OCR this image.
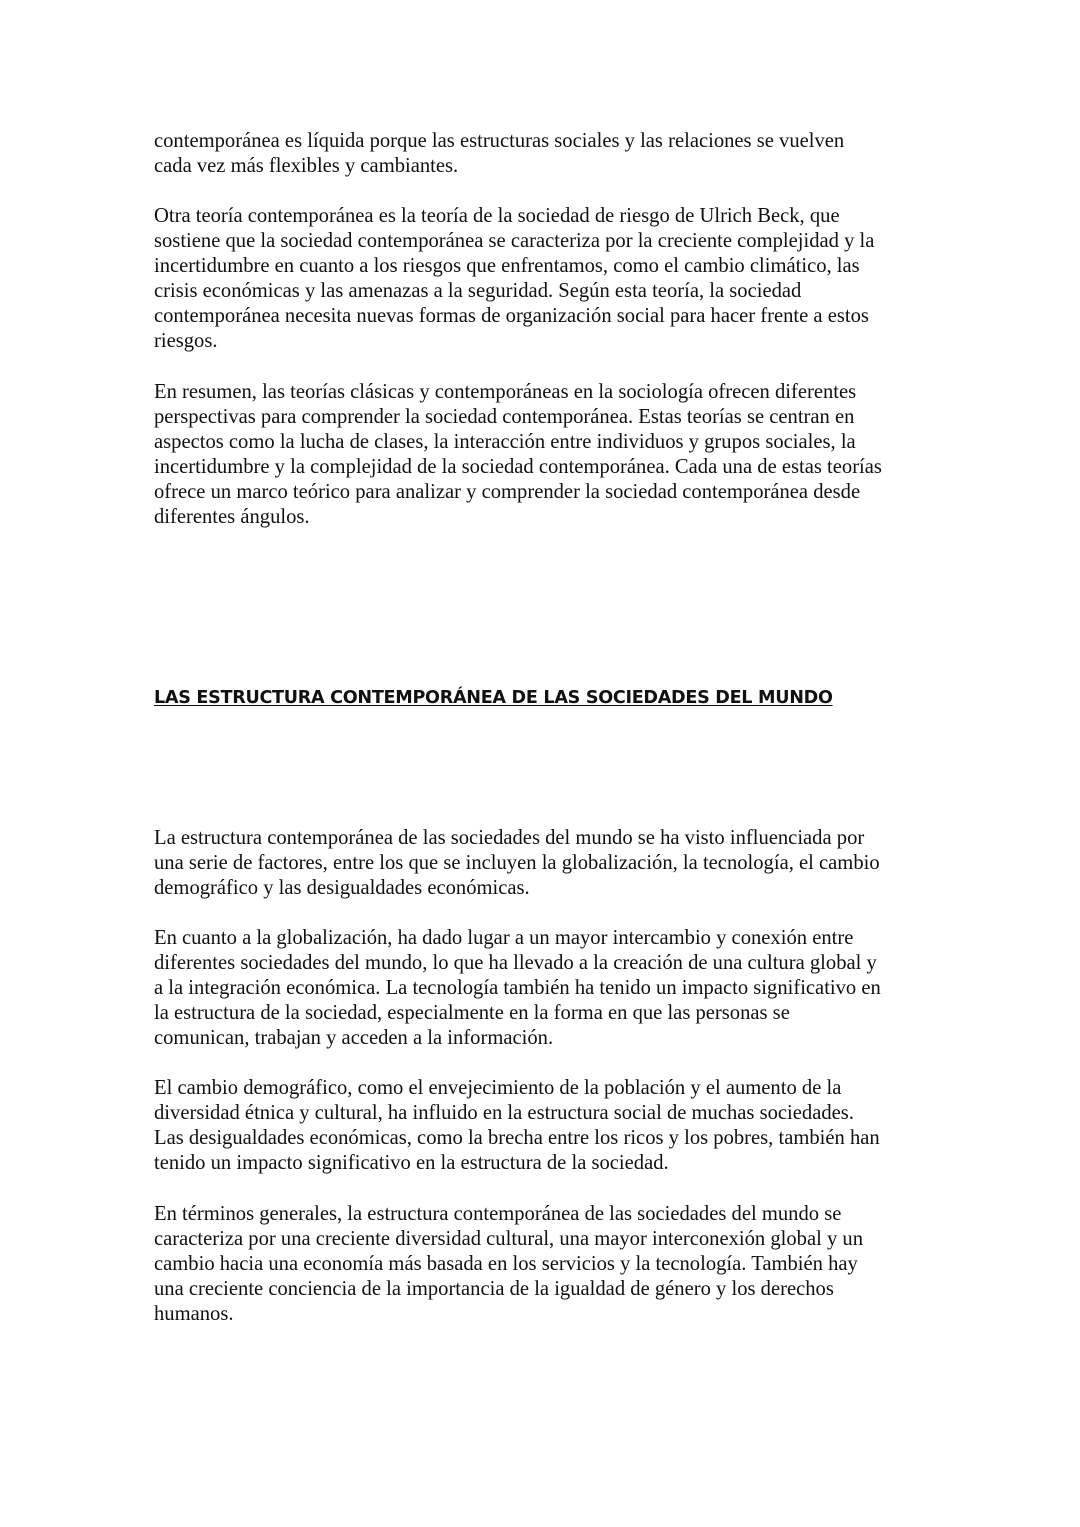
contemporánea es líquida porque las estructuras sociales y las relaciones se vuelven
cada vez más flexibles y cambiantes.

Otra teoría contemporánea es la teoría de la sociedad de riesgo de Ulrich Beck, que
sostiene que la sociedad contemporánea se caracteriza por la creciente complejidad y la
incertidumbre en cuanto a los riesgos que enfrentamos, como el cambio climático, las
crisis económicas y las amenazas a la seguridad. Según esta teoría, la sociedad
contemporánea necesita nuevas formas de organización social para hacer frente a estos
riesgos.

En resumen, las teorías clásicas y contemporáneas en la sociología ofrecen diferentes
perspectivas para comprender la sociedad contemporánea. Estas teorías se centran en
aspectos como la lucha de clases, la interacción entre individuos y grupos sociales, la
incertidumbre y la complejidad de la sociedad contemporánea. Cada una de estas teorías
ofrece un marco teórico para analizar y comprender la sociedad contemporánea desde
diferentes ángulos.

LAS ESTRUCTURA CONTEMPORÁNEA DE LAS SOCIEDADES DEL MUNDO

La estructura contemporánea de las sociedades del mundo se ha visto influenciada por
una serie de factores, entre los que se incluyen la globalización, la tecnología, el cambio
demográfico y las desigualdades económicas.

En cuanto a la globalización, ha dado lugar a un mayor intercambio y conexión entre
diferentes sociedades del mundo, lo que ha llevado a la creación de una cultura global y
a la integración económica. La tecnología también ha tenido un impacto significativo en
la estructura de la sociedad, especialmente en la forma en que las personas se
comunican, trabajan y acceden a la información.

El cambio demográfico, como el envejecimiento de la población y el aumento de la
diversidad étnica y cultural, ha influido en la estructura social de muchas sociedades.
Las desigualdades económicas, como la brecha entre los ricos y los pobres, también han
tenido un impacto significativo en la estructura de la sociedad.

En términos generales, la estructura contemporánea de las sociedades del mundo se
caracteriza por una creciente diversidad cultural, una mayor interconexión global y un
cambio hacia una economía más basada en los servicios y la tecnología. También hay
una creciente conciencia de la importancia de la igualdad de género y los derechos
humanos.
